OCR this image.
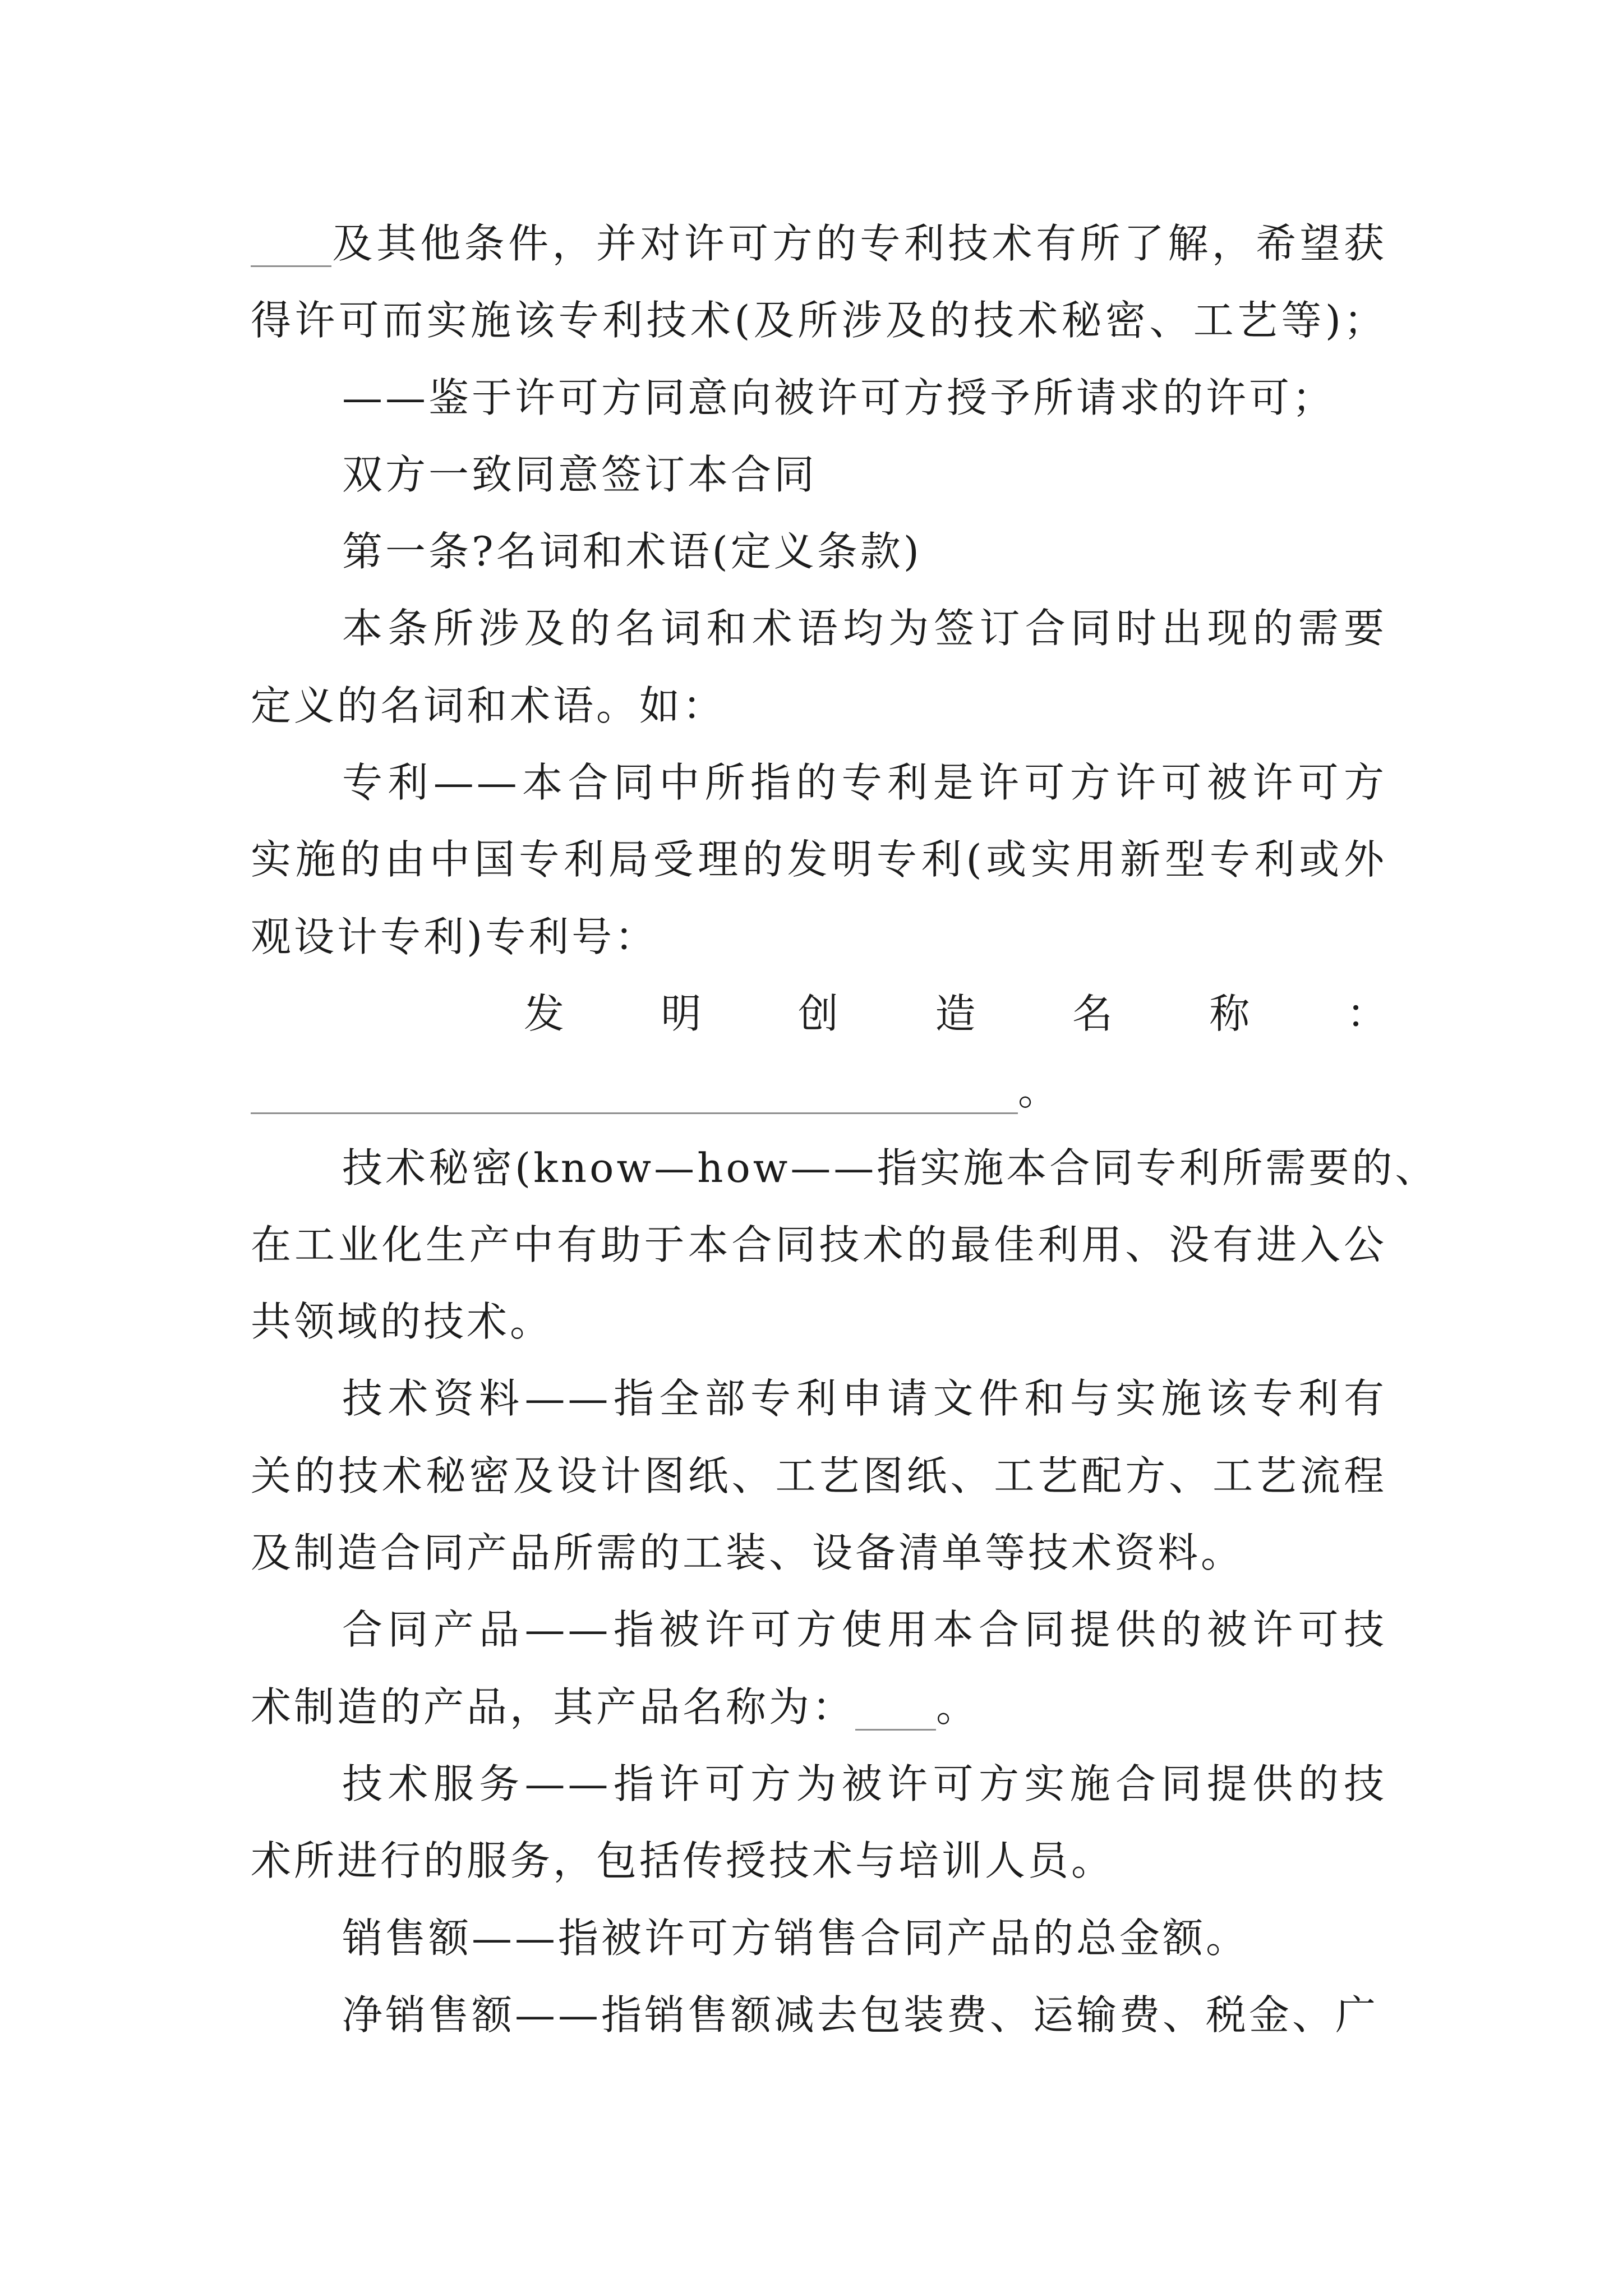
____及其他条件，并对许可方的专利技术有所了解，希望获
得许可而实施该专利技术(及所涉及的技术秘密、工艺等)；
——鉴于许可方同意向被许可方授予所请求的许可；
双方一致同意签订本合同
第一条?名词和术语(定义条款)
本条所涉及的名词和术语均为签订合同时出现的需要
定义的名词和术语。如：
专利——本合同中所指的专利是许可方许可被许可方
实施的由中国专利局受理的发明专利(或实用新型专利或外
观设计专利)专利号：
发 明 创 造 名 称 ：
______________________________________。
技术秘密(know—how——指实施本合同专利所需要的、
在工业化生产中有助于本合同技术的最佳利用、没有进入公
共领域的技术。
技术资料——指全部专利申请文件和与实施该专利有
关的技术秘密及设计图纸、工艺图纸、工艺配方、工艺流程
及制造合同产品所需的工装、设备清单等技术资料。
合同产品——指被许可方使用本合同提供的被许可技
术制造的产品，其产品名称为：____。
技术服务——指许可方为被许可方实施合同提供的技
术所进行的服务，包括传授技术与培训人员。
销售额——指被许可方销售合同产品的总金额。
净销售额——指销售额减去包装费、运输费、税金、广
